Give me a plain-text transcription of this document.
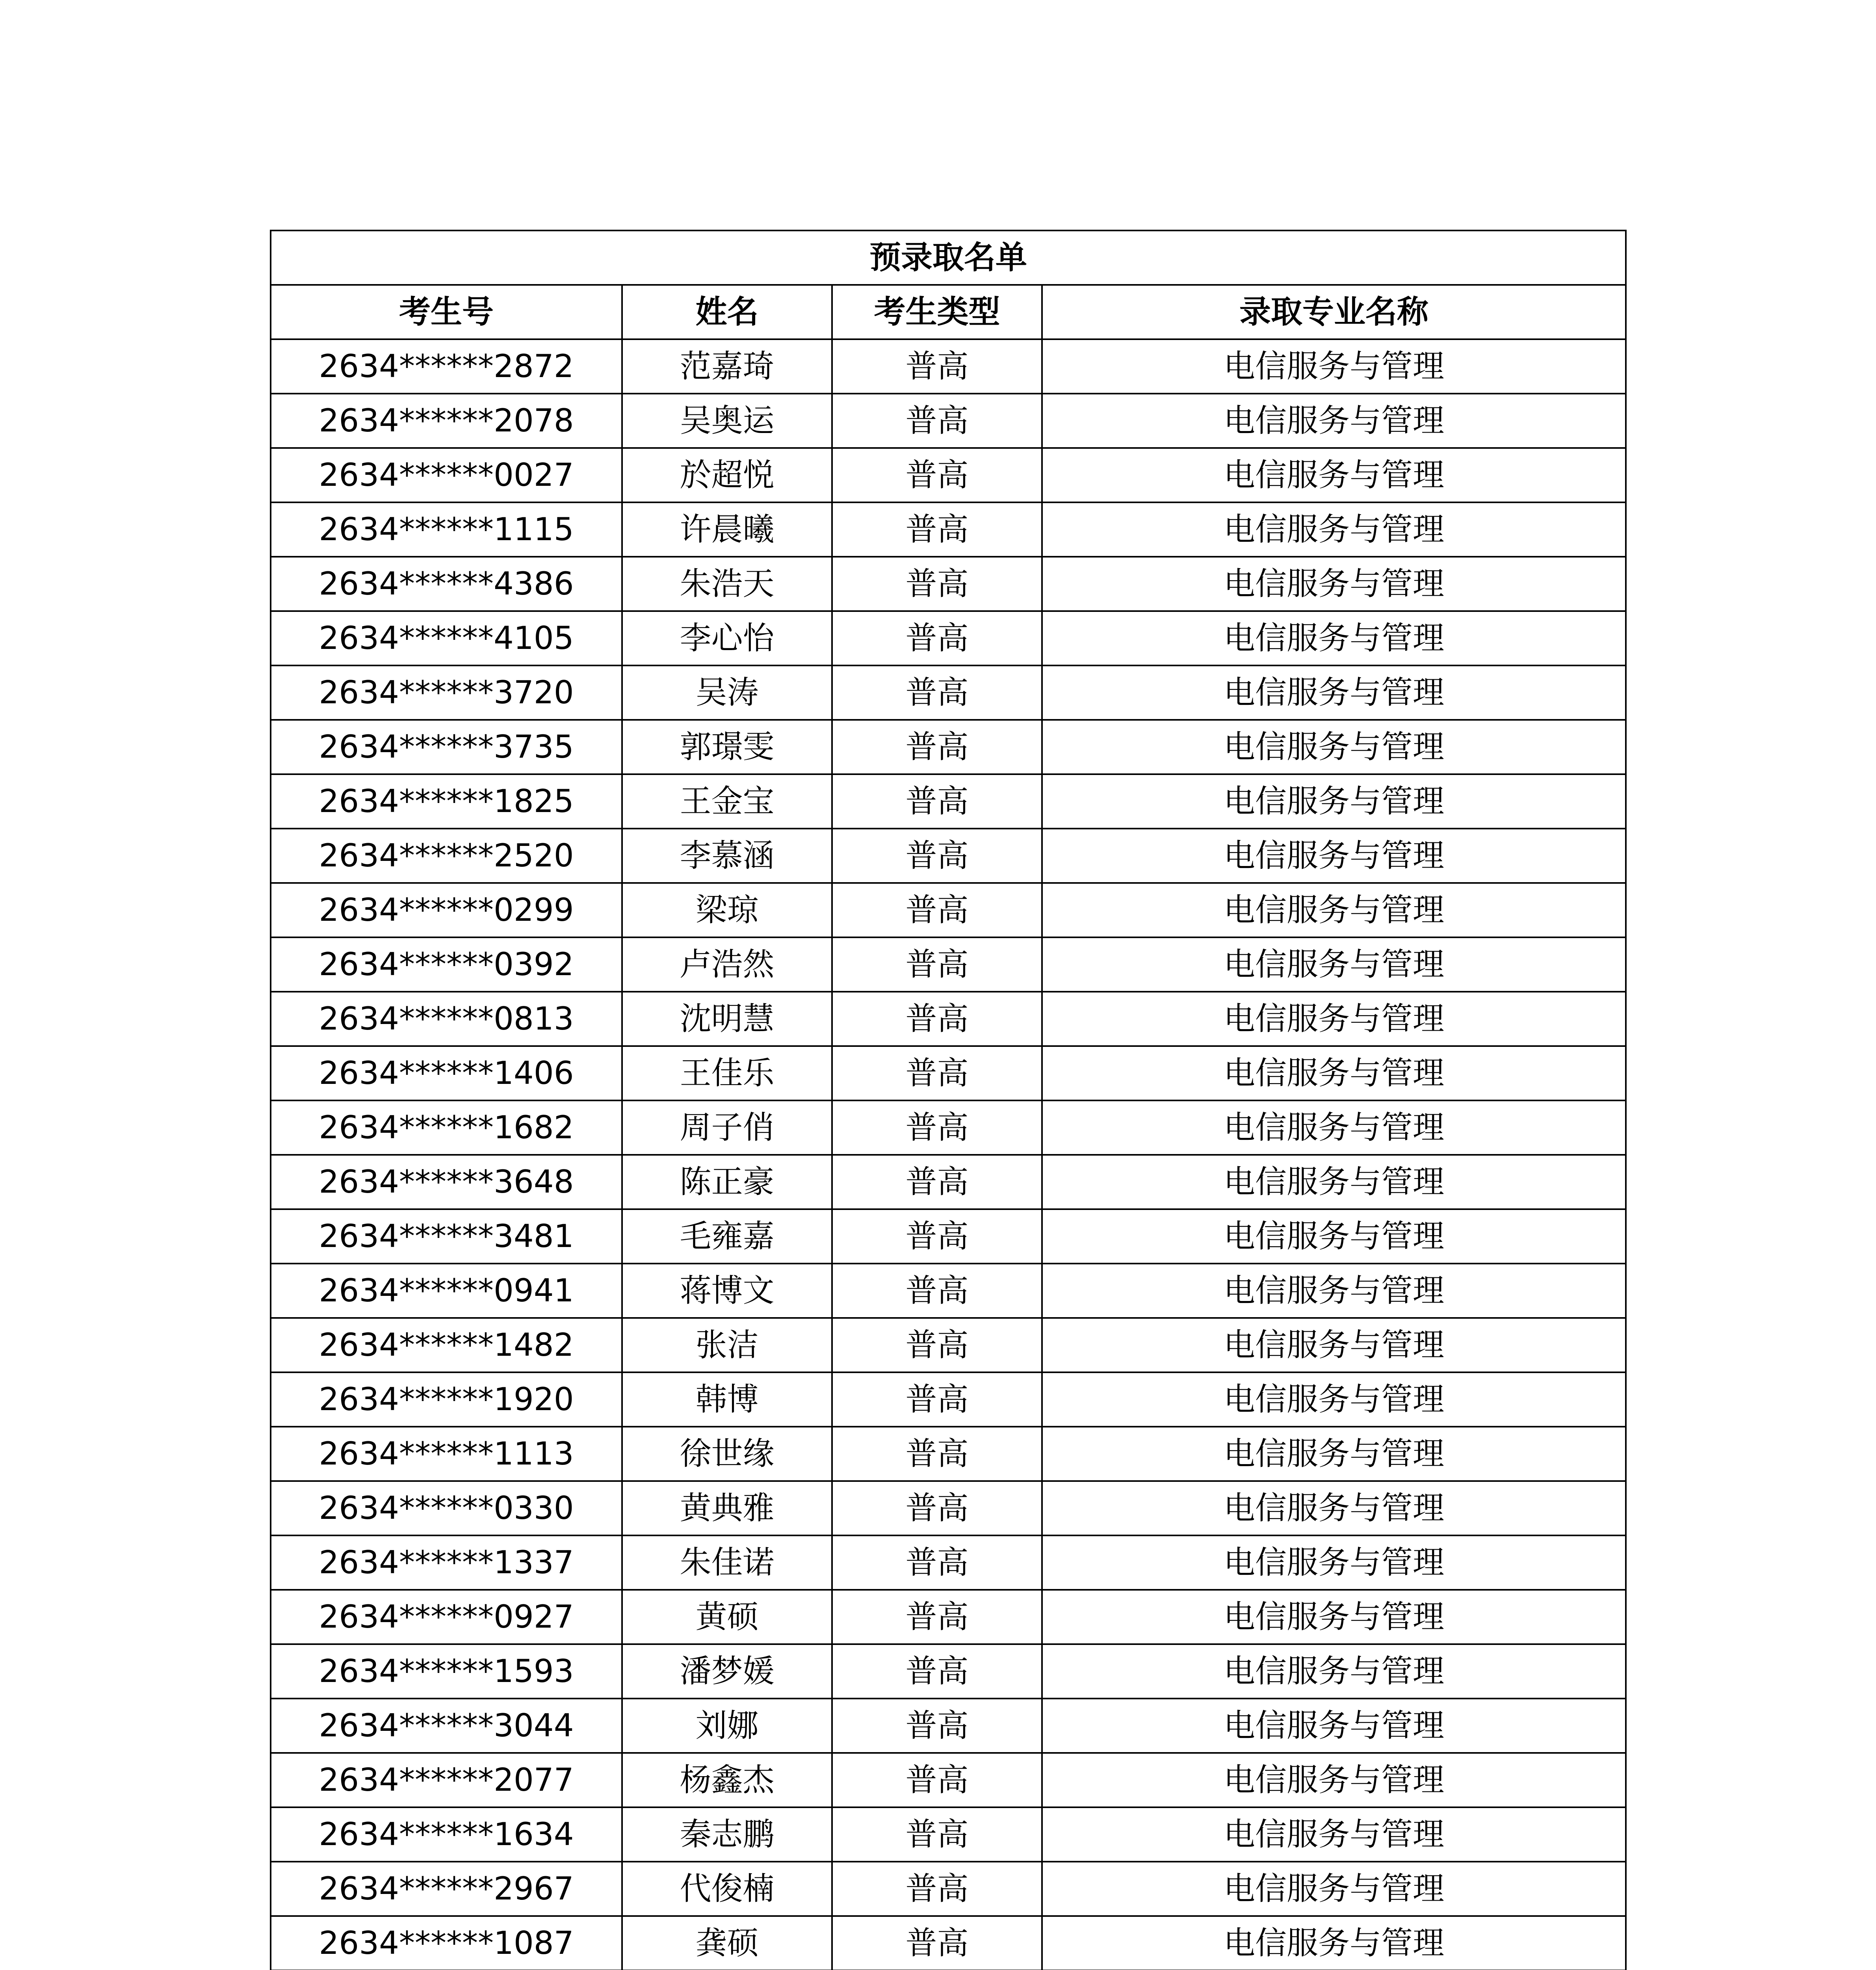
预录取名单			
考生号	姓名	考生类型	录取专业名称
2634******2872	范嘉琦	普高	电信服务与管理
2634******2078	吴奥运	普高	电信服务与管理
2634******0027	於超悦	普高	电信服务与管理
2634******1115	许晨曦	普高	电信服务与管理
2634******4386	朱浩天	普高	电信服务与管理
2634******4105	李心怡	普高	电信服务与管理
2634******3720	吴涛	普高	电信服务与管理
2634******3735	郭璟雯	普高	电信服务与管理
2634******1825	王金宝	普高	电信服务与管理
2634******2520	李慕涵	普高	电信服务与管理
2634******0299	梁琼	普高	电信服务与管理
2634******0392	卢浩然	普高	电信服务与管理
2634******0813	沈明慧	普高	电信服务与管理
2634******1406	王佳乐	普高	电信服务与管理
2634******1682	周子俏	普高	电信服务与管理
2634******3648	陈正豪	普高	电信服务与管理
2634******3481	毛雍嘉	普高	电信服务与管理
2634******0941	蒋博文	普高	电信服务与管理
2634******1482	张洁	普高	电信服务与管理
2634******1920	韩博	普高	电信服务与管理
2634******1113	徐世缘	普高	电信服务与管理
2634******0330	黄典雅	普高	电信服务与管理
2634******1337	朱佳诺	普高	电信服务与管理
2634******0927	黄硕	普高	电信服务与管理
2634******1593	潘梦媛	普高	电信服务与管理
2634******3044	刘娜	普高	电信服务与管理
2634******2077	杨鑫杰	普高	电信服务与管理
2634******1634	秦志鹏	普高	电信服务与管理
2634******2967	代俊楠	普高	电信服务与管理
2634******1087	龚硕	普高	电信服务与管理
